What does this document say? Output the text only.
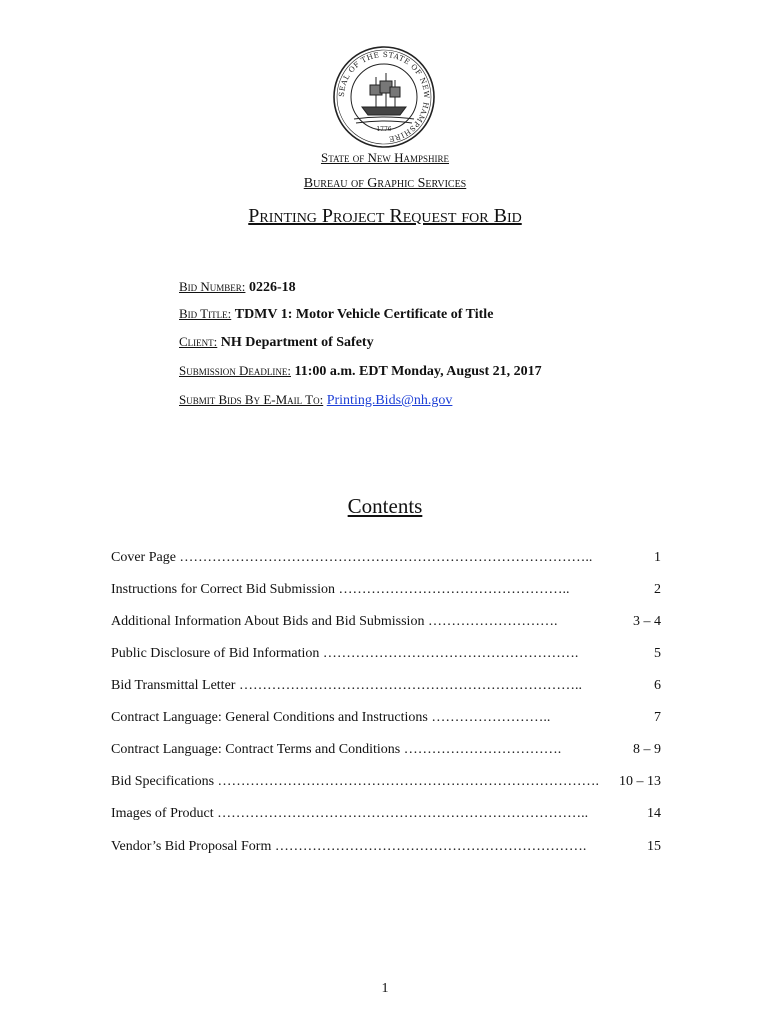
SEAL OF THE STATE OF NEW HAMPSHIRE
1776
State of New Hampshire
Bureau of Graphic Services
Printing Project Request for Bid
Bid Number: 0226-18
Bid Title: TDMV 1: Motor Vehicle Certificate of Title
Client: NH Department of Safety
Submission Deadline: 11:00 a.m. EDT Monday, August 21, 2017
Submit Bids By E-Mail To: Printing.Bids@nh.gov
Contents
Cover Page ……………………………………………………………………………..	1
Instructions for Correct Bid Submission …………………………………………..	2
Additional Information About Bids and Bid Submission ……………………….	3 – 4
Public Disclosure of Bid Information ……………………………………………….	5
Bid Transmittal Letter ………………………………………………………………..	6
Contract Language: General Conditions and Instructions ……………………..	7
Contract Language: Contract Terms and Conditions …………………………….	8 – 9
Bid Specifications ………………………………………………………………………. 10 – 13
Images of Product ……………………………………………………………………..	14
Vendor’s Bid Proposal Form ………………………………………………………….	15
1
